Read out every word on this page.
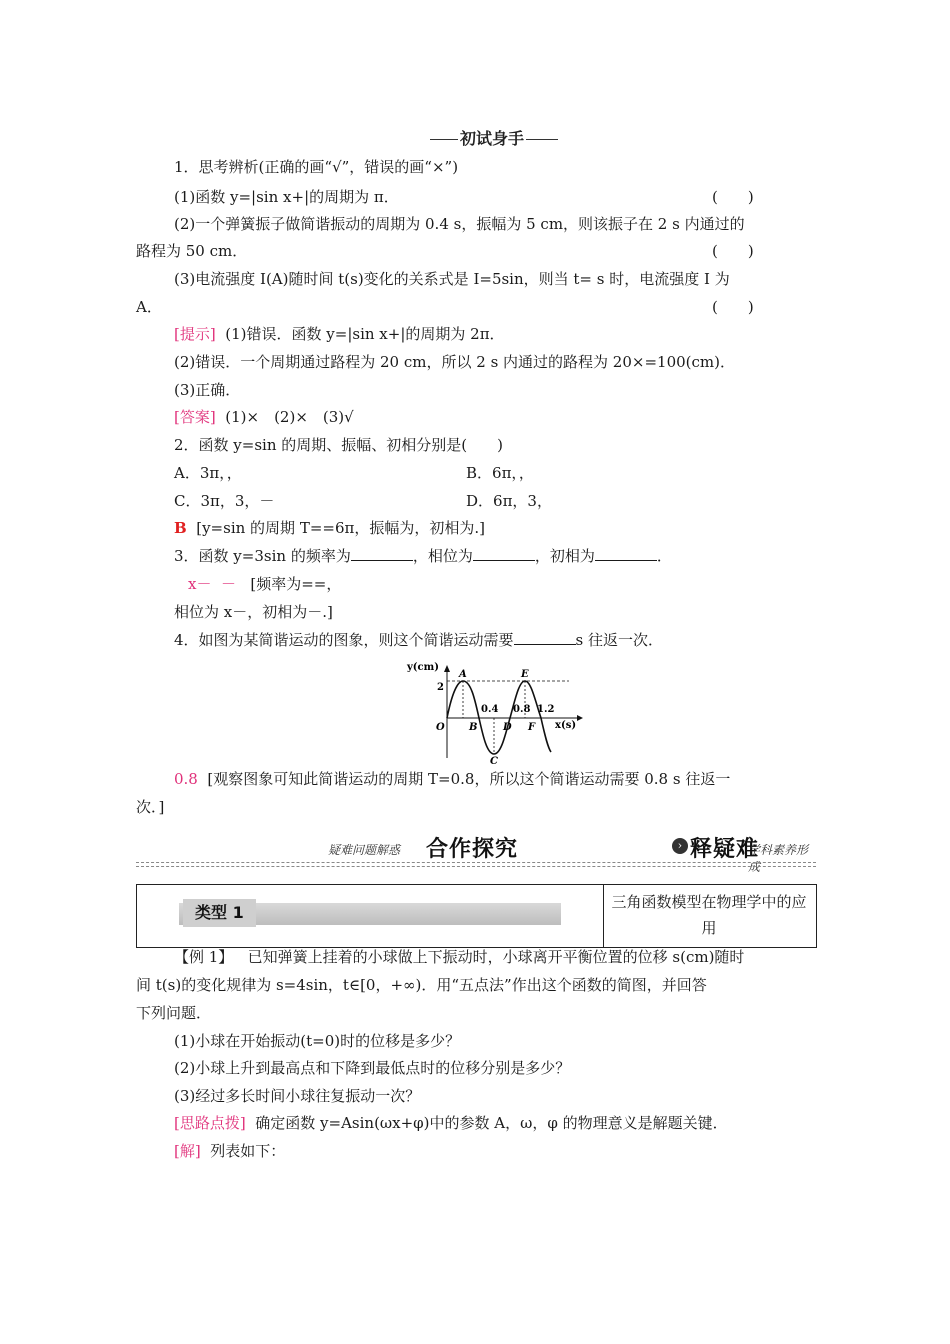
初试身手
1．思考辨析(正确的画“√”，错误的画“×”)
(1)函数 y=|sin x+|的周期为 π．	(　　)
(2)一个弹簧振子做简谐振动的周期为 0.4 s，振幅为 5 cm，则该振子在 2 s 内通过的
路程为 50 cm．	(　　)
(3)电流强度 I(A)随时间 t(s)变化的关系式是 I=5sin，则当 t= s 时，电流强度 I 为
A．	(　　)
[提示] (1)错误．函数 y=|sin x+|的周期为 2π．
(2)错误．一个周期通过路程为 20 cm，所以 2 s 内通过的路程为 20×=100(cm)．
(3)正确．
[答案] (1)×　(2)×　(3)√
2．函数 y=sin 的周期、振幅、初相分别是(　　)
A．3π，，	B．6π，，
C．3π，3，－	D．6π，3，
B [y=sin 的周期 T==6π，振幅为，初相为.]
3．函数 y=3sin 的频率为	，相位为	，初相为	．
x－ － [频率为==，
相位为 x－，初相为－.]
4．如图为某简谐运动的图象，则这个简谐运动需要	s 往返一次．
y(cm)
x(s)
2
O
A
B
C
D
E
F
0.4 0.8 1.2
0.8 [观察图象可知此简谐运动的周期 T=0.8，所以这个简谐运动需要 0.8 s 往返一
次．]
疑难问题解惑 合作探究	› 释疑难
学科素养形成
类型 1
三角函数模型在物理学中的应用
【例 1】 已知弹簧上挂着的小球做上下振动时，小球离开平衡位置的位移 s(cm)随时
间 t(s)的变化规律为 s=4sin，t∈[0，+∞)．用“五点法”作出这个函数的简图，并回答
下列问题．
(1)小球在开始振动(t=0)时的位移是多少？
(2)小球上升到最高点和下降到最低点时的位移分别是多少？
(3)经过多长时间小球往复振动一次？
[思路点拨] 确定函数 y=Asin(ωx+φ)中的参数 A，ω，φ 的物理意义是解题关键．
[解] 列表如下：
